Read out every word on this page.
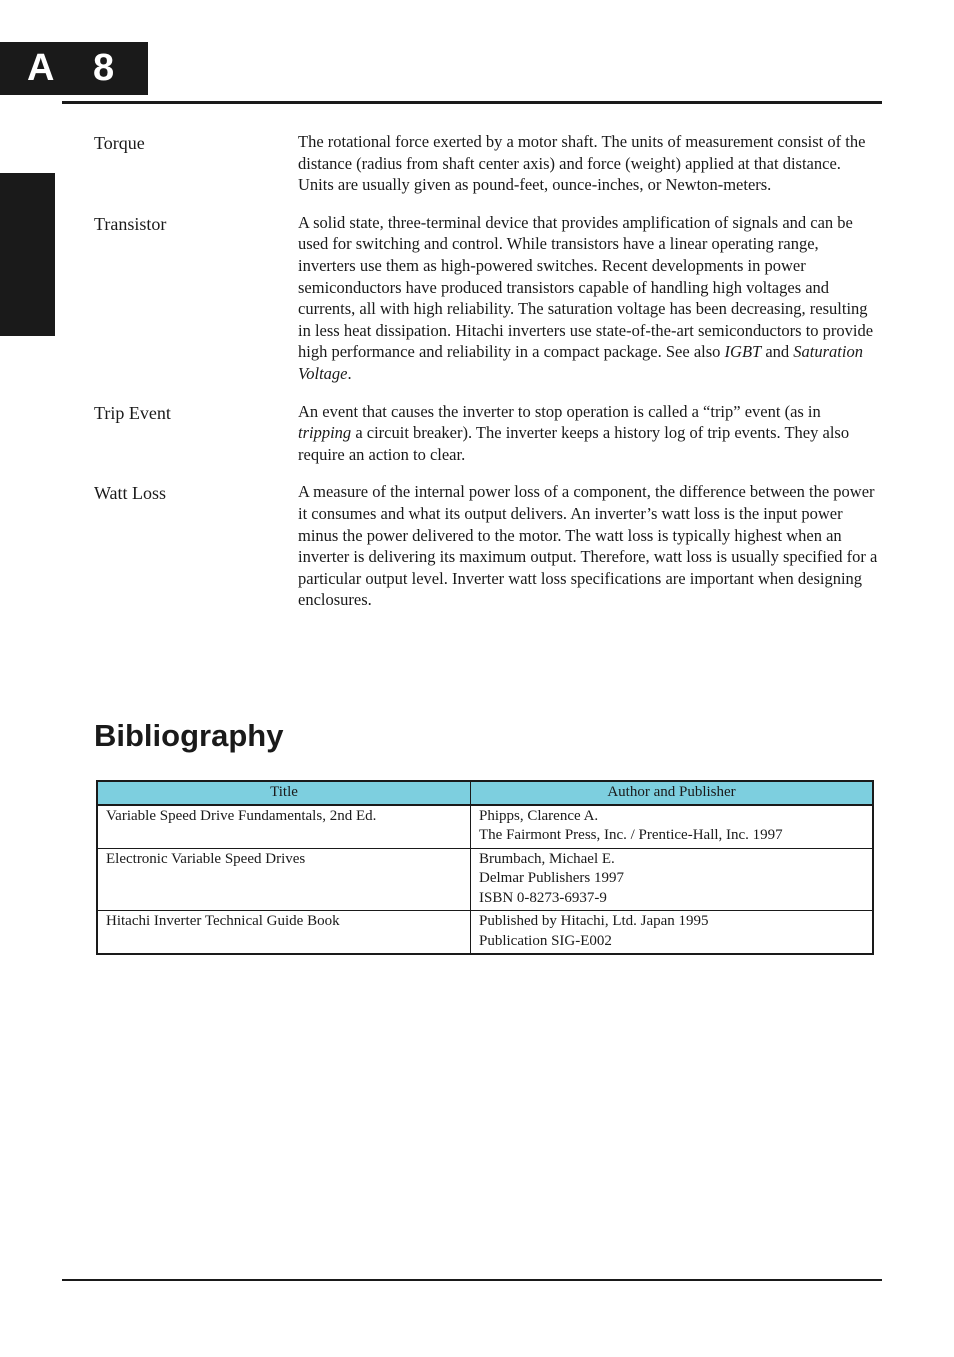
A 8
Appendix A
Torque	The rotational force exerted by a motor shaft. The units of measurement consist of the distance (radius from shaft center axis) and force (weight) applied at that distance. Units are usually given as pound-feet, ounce-inches, or Newton-meters.
Transistor	A solid state, three-terminal device that provides amplification of signals and can be used for switching and control. While transistors have a linear operating range, inverters use them as high-powered switches. Recent developments in power semiconductors have produced transistors capable of handling high voltages and currents, all with high reliability. The saturation voltage has been decreasing, resulting in less heat dissipation. Hitachi inverters use state-of-the-art semiconductors to provide high performance and reliability in a compact package. See also IGBT and Saturation Voltage.
Trip Event	An event that causes the inverter to stop operation is called a “trip” event (as in tripping a circuit breaker). The inverter keeps a history log of trip events. They also require an action to clear.
Watt Loss	A measure of the internal power loss of a component, the difference between the power it consumes and what its output delivers. An inverter’s watt loss is the input power minus the power delivered to the motor. The watt loss is typically highest when an inverter is delivering its maximum output. Therefore, watt loss is usually specified for a particular output level. Inverter watt loss specifications are important when designing enclosures.
Bibliography
Title	Author and Publisher
Variable Speed Drive Fundamentals, 2nd Ed.	Phipps, Clarence A.
The Fairmont Press, Inc. / Prentice-Hall, Inc. 1997

Electronic Variable Speed Drives	Brumbach, Michael E.
Delmar Publishers 1997
ISBN 0-8273-6937-9

Hitachi Inverter Technical Guide Book	Published by Hitachi, Ltd. Japan 1995
Publication SIG-E002
